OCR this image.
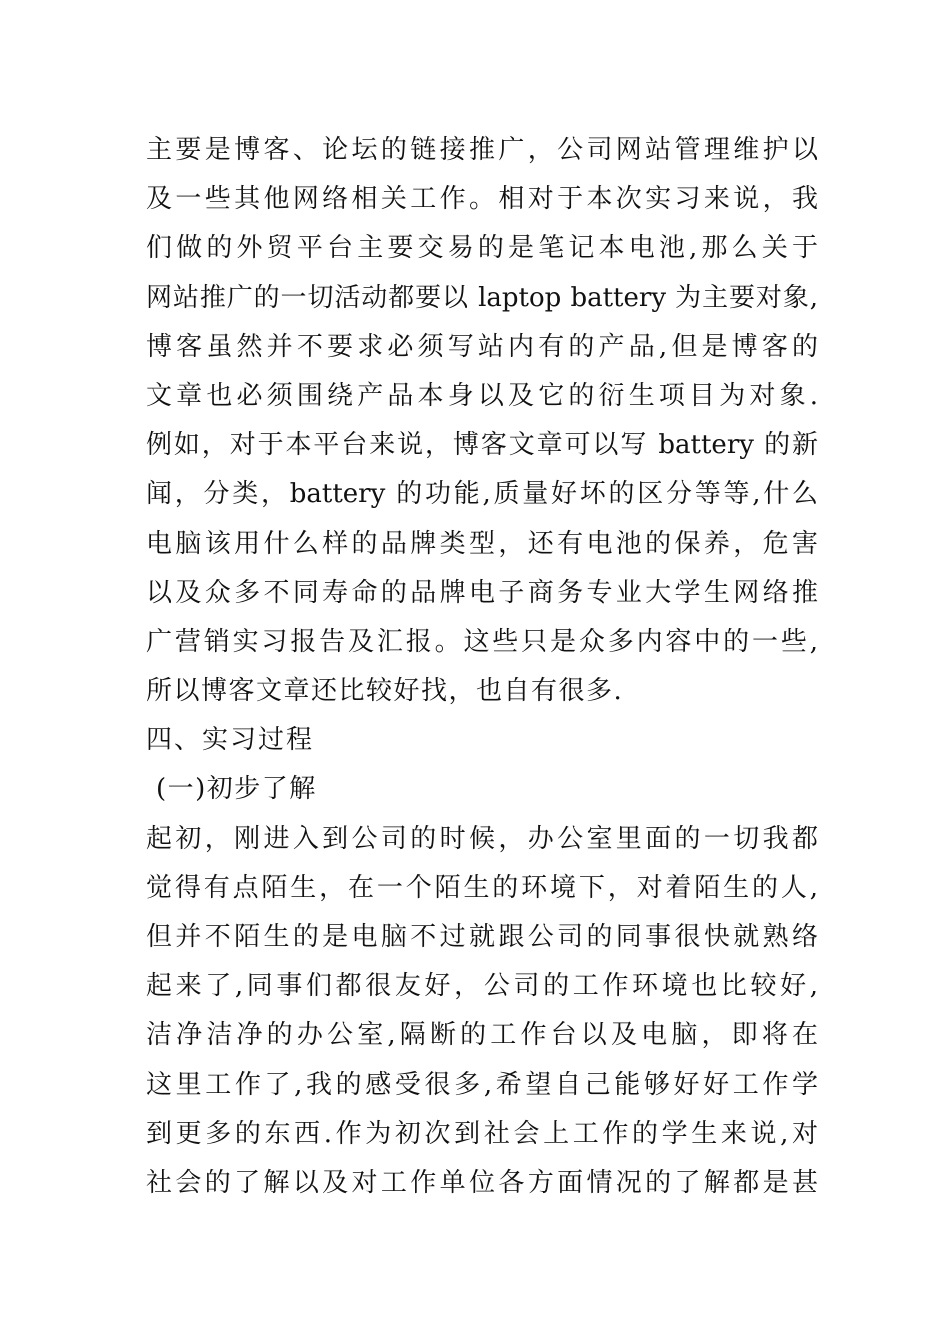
主要是博客、论坛的链接推广，公司网站管理维护以
及一些其他网络相关工作。相对于本次实习来说，我
们做的外贸平台主要交易的是笔记本电池,那么关于
网站推广的一切活动都要以 laptop battery 为主要对象,
博客虽然并不要求必须写站内有的产品,但是博客的
文章也必须围绕产品本身以及它的衍生项目为对象.
例如，对于本平台来说，博客文章可以写 battery 的新
闻，分类，battery 的功能,质量好坏的区分等等,什么
电脑该用什么样的品牌类型，还有电池的保养，危害
以及众多不同寿命的品牌电子商务专业大学生网络推
广营销实习报告及汇报。这些只是众多内容中的一些,
所以博客文章还比较好找，也自有很多.
四、实习过程
(一)初步了解
起初，刚进入到公司的时候，办公室里面的一切我都
觉得有点陌生，在一个陌生的环境下，对着陌生的人,
但并不陌生的是电脑不过就跟公司的同事很快就熟络
起来了,同事们都很友好，公司的工作环境也比较好,
洁净洁净的办公室,隔断的工作台以及电脑，即将在
这里工作了,我的感受很多,希望自己能够好好工作学
到更多的东西.作为初次到社会上工作的学生来说,对
社会的了解以及对工作单位各方面情况的了解都是甚
